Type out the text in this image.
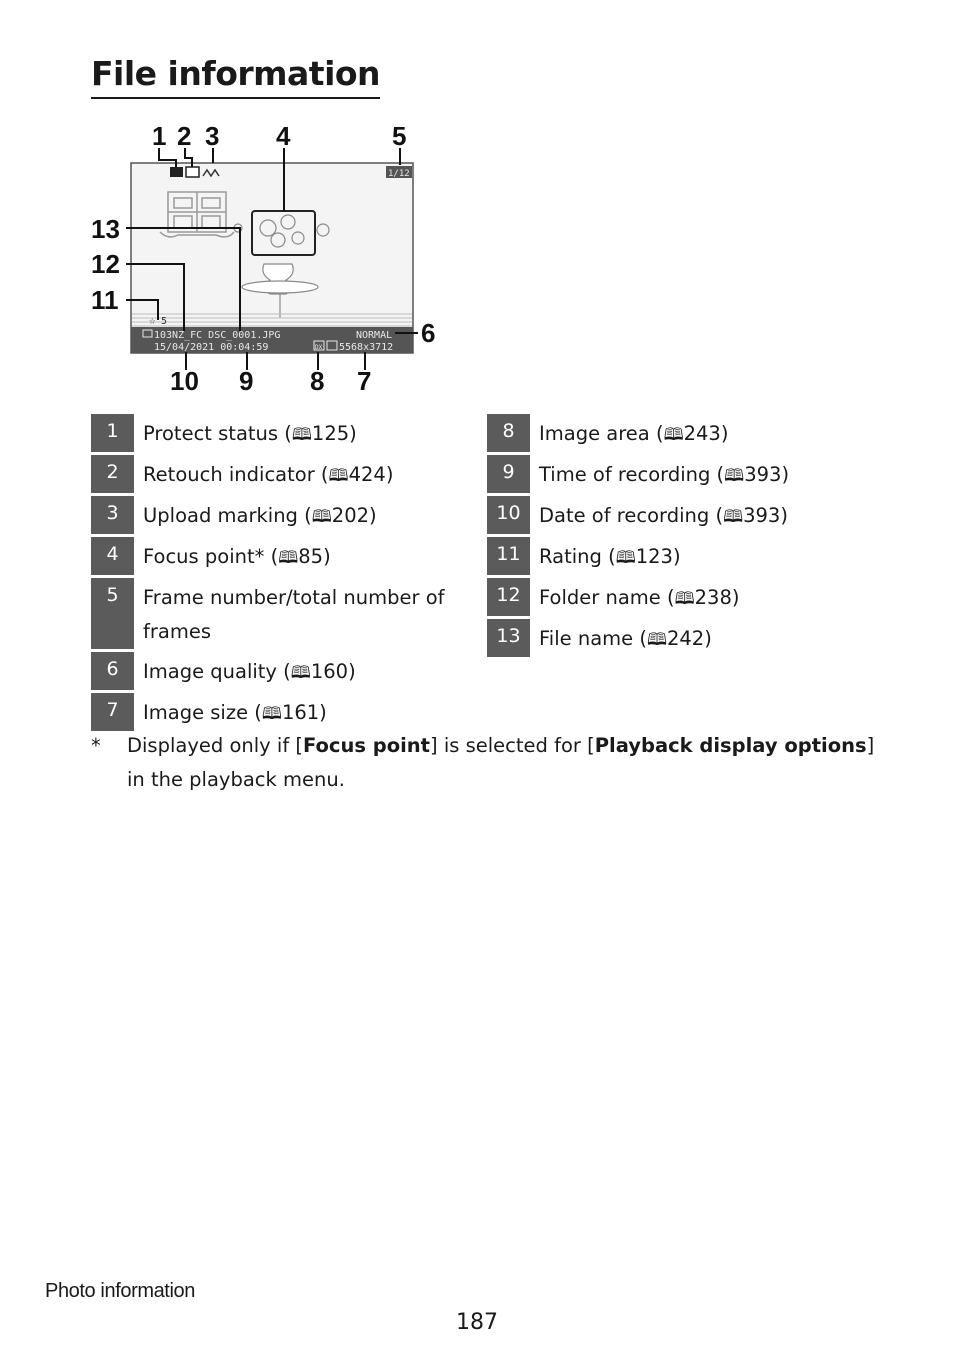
File information
1/12
☆ 5
103NZ_FC DSC_0001.JPG	NORMAL
15/04/2021 00:04:59	DX 5568x3712
1 2 3 4	5
6
7
8
9
10
11
12
13
1	Protect status (🕮125)
2	Retouch indicator (🕮424)
3	Upload marking (🕮202)
4	Focus point* (🕮85)
5	Frame number/total number of frames
6	Image quality (🕮160)
7	Image size (🕮161)
8	Image area (🕮243)
9	Time of recording (🕮393)
10 Date of recording (🕮393)
11 Rating (🕮123)
12 Folder name (🕮238)
13 File name (🕮242)
*	Displayed only if [Focus point] is selected for [Playback display options] in the playback menu.
Photo information
187
